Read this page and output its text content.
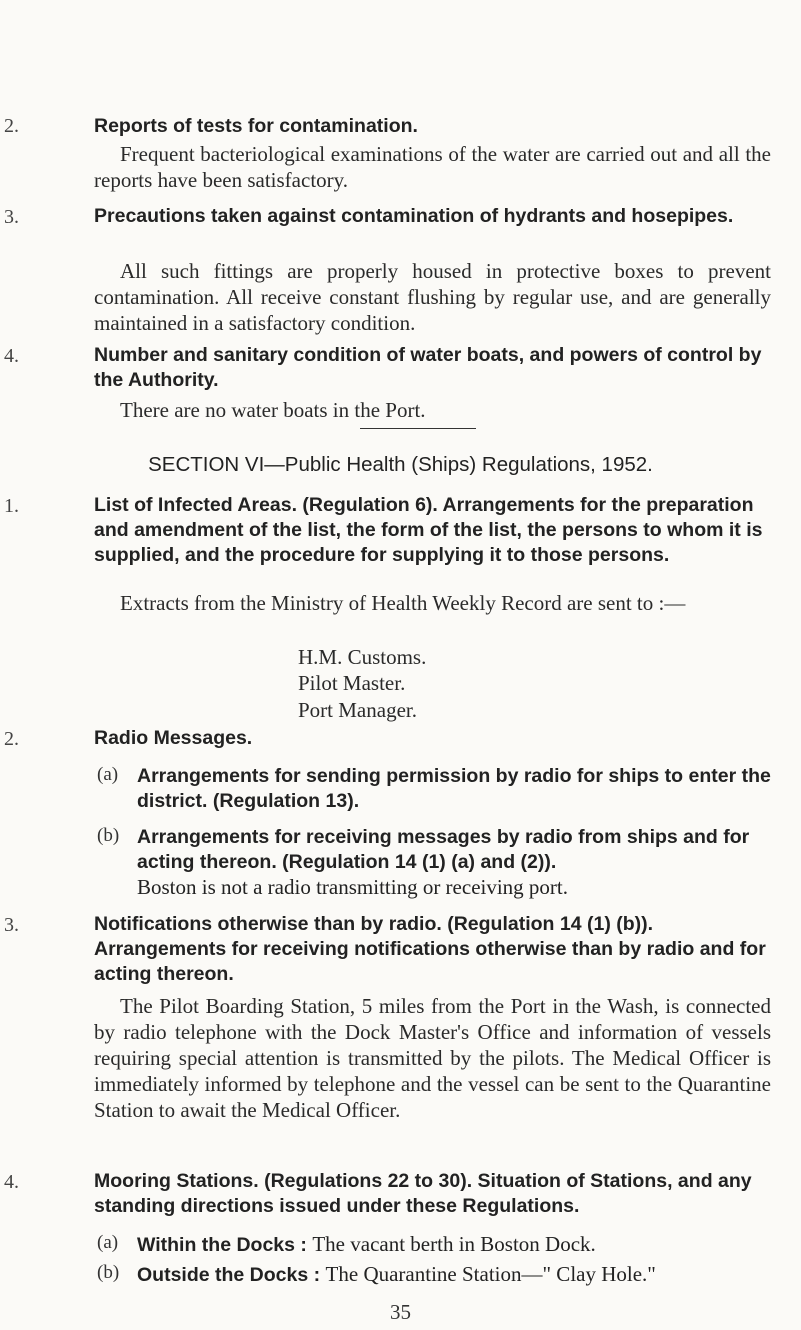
2.	Reports of tests for contamination.
Frequent bacteriological examinations of the water are carried out and all the reports have been satisfactory.
3.	Precautions taken against contamination of hydrants and hosepipes.
All such fittings are properly housed in protective boxes to prevent contamination. All receive constant flushing by regular use, and are generally maintained in a satisfactory condition.
4.	Number and sanitary condition of water boats, and powers of control by the Authority.
There are no water boats in the Port.
SECTION VI—Public Health (Ships) Regulations, 1952.
1.	List of Infected Areas. (Regulation 6). Arrangements for the preparation and amendment of the list, the form of the list, the persons to whom it is supplied, and the procedure for supplying it to those persons.
Extracts from the Ministry of Health Weekly Record are sent to :—
H.M. Customs.
Pilot Master.
Port Manager.
2.	Radio Messages.
(a) Arrangements for sending permission by radio for ships to enter the district. (Regulation 13).
(b) Arrangements for receiving messages by radio from ships and for acting thereon. (Regulation 14 (1) (a) and (2)).
Boston is not a radio transmitting or receiving port.
3.	Notifications otherwise than by radio. (Regulation 14 (1) (b)). Arrangements for receiving notifications otherwise than by radio and for acting thereon.
The Pilot Boarding Station, 5 miles from the Port in the Wash, is connected by radio telephone with the Dock Master's Office and information of vessels requiring special attention is transmitted by the pilots. The Medical Officer is immediately informed by telephone and the vessel can be sent to the Quarantine Station to await the Medical Officer.
4.	Mooring Stations. (Regulations 22 to 30). Situation of Stations, and any standing directions issued under these Regulations.
(a) Within the Docks : The vacant berth in Boston Dock.
(b) Outside the Docks : The Quarantine Station—" Clay Hole."
35
